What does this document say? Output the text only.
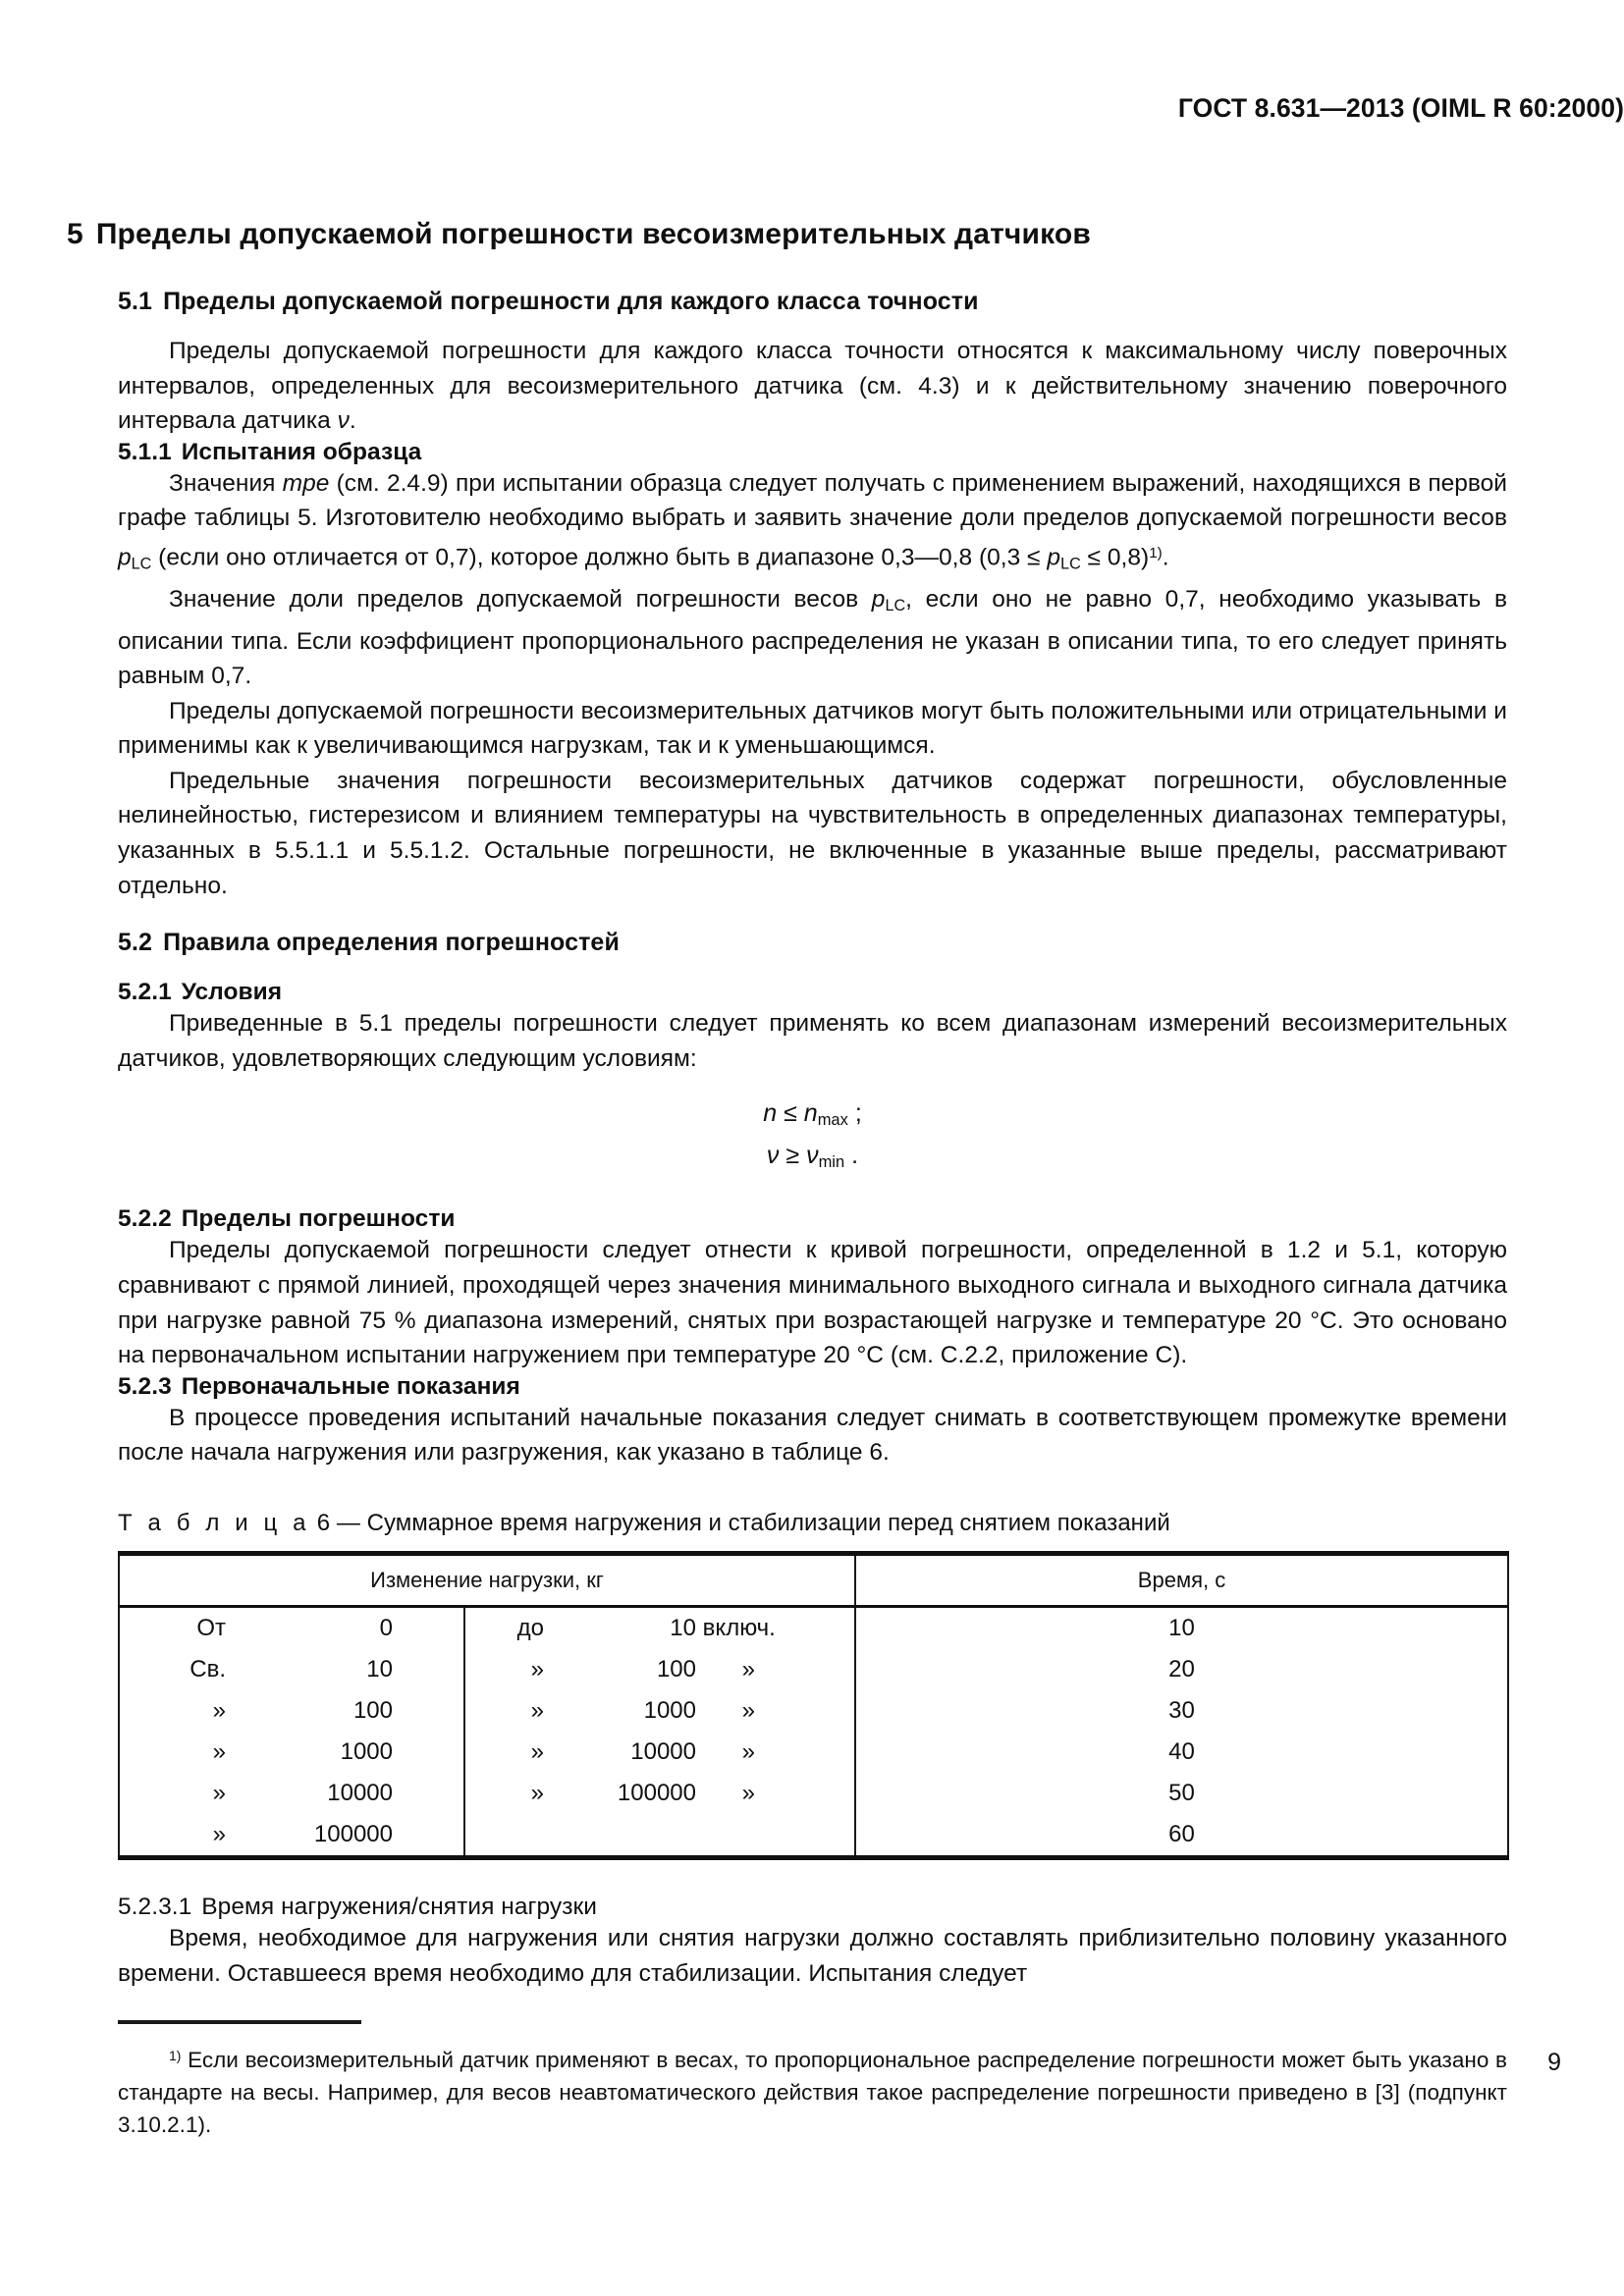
ГОСТ 8.631—2013 (OIML R 60:2000)
5 Пределы допускаемой погрешности весоизмерительных датчиков
5.1 Пределы допускаемой погрешности для каждого класса точности

Пределы допускаемой погрешности для каждого класса точности относятся к максимальному числу поверочных интервалов, определенных для весоизмерительного датчика (см. 4.3) и к действительному значению поверочного интервала датчика ν.

5.1.1 Испытания образца

Значения mpe (см. 2.4.9) при испытании образца следует получать с применением выражений, находящихся в первой графе таблицы 5. Изготовителю необходимо выбрать и заявить значение доли пределов допускаемой погрешности весов $p_{LC}$ (если оно отличается от 0,7), которое должно быть в диапазоне 0,3—0,8 $(0,3 \le p_{LC} \le 0,8)^{1)}$.

Значение доли пределов допускаемой погрешности весов $p_{LC}$, если оно не равно 0,7, необходимо указывать в описании типа. Если коэффициент пропорционального распределения не указан в описании типа, то его следует принять равным 0,7.

Пределы допускаемой погрешности весоизмерительных датчиков могут быть положительными или отрицательными и применимы как к увеличивающимся нагрузкам, так и к уменьшающимся.

Предельные значения погрешности весоизмерительных датчиков содержат погрешности, обусловленные нелинейностью, гистерезисом и влиянием температуры на чувствительность в определенных диапазонах температуры, указанных в 5.5.1.1 и 5.5.1.2. Остальные погрешности, не включенные в указанные выше пределы, рассматривают отдельно.

5.2 Правила определения погрешностей
5.2.1 Условия

Приведенные в 5.1 пределы погрешности следует применять ко всем диапазонам измерений весоизмерительных датчиков, удовлетворяющих следующим условиям:

$n \le n_{max}$ ;
$\nu \ge \nu_{min}$ .
5.2.2 Пределы погрешности

Пределы допускаемой погрешности следует отнести к кривой погрешности, определенной в 1.2 и 5.1, которую сравнивают с прямой линией, проходящей через значения минимального выходного сигнала и выходного сигнала датчика при нагрузке равной 75 % диапазона измерений, снятых при возрастающей нагрузке и температуре 20 °С. Это основано на первоначальном испытании нагружением при температуре 20 °С (см. С.2.2, приложение С).

5.2.3 Первоначальные показания

В процессе проведения испытаний начальные показания следует снимать в соответствующем промежутке времени после начала нагружения или разгружения, как указано в таблице 6.

Т а б л и ц а 6 — Суммарное время нагружения и стабилизации перед снятием показаний

Изменение нагрузки, кг		Время, с
От 0	до 10 включ.	10
Св. 10	» 100 »	20
» 100	» 1000 »	30
» 1000	» 10000 »	40
» 10000	» 100000 »	50
» 100000		60
5.2.3.1 Время нагружения/снятия нагрузки

Время, необходимое для нагружения или снятия нагрузки должно составлять приблизительно половину указанного времени. Оставшееся время необходимо для стабилизации. Испытания следует

$^{1)}$ Если весоизмерительный датчик применяют в весах, то пропорциональное распределение погрешности может быть указано в стандарте на весы. Например, для весов неавтоматического действия такое распределение погрешности приведено в [3] (подпункт 3.10.2.1).

9
